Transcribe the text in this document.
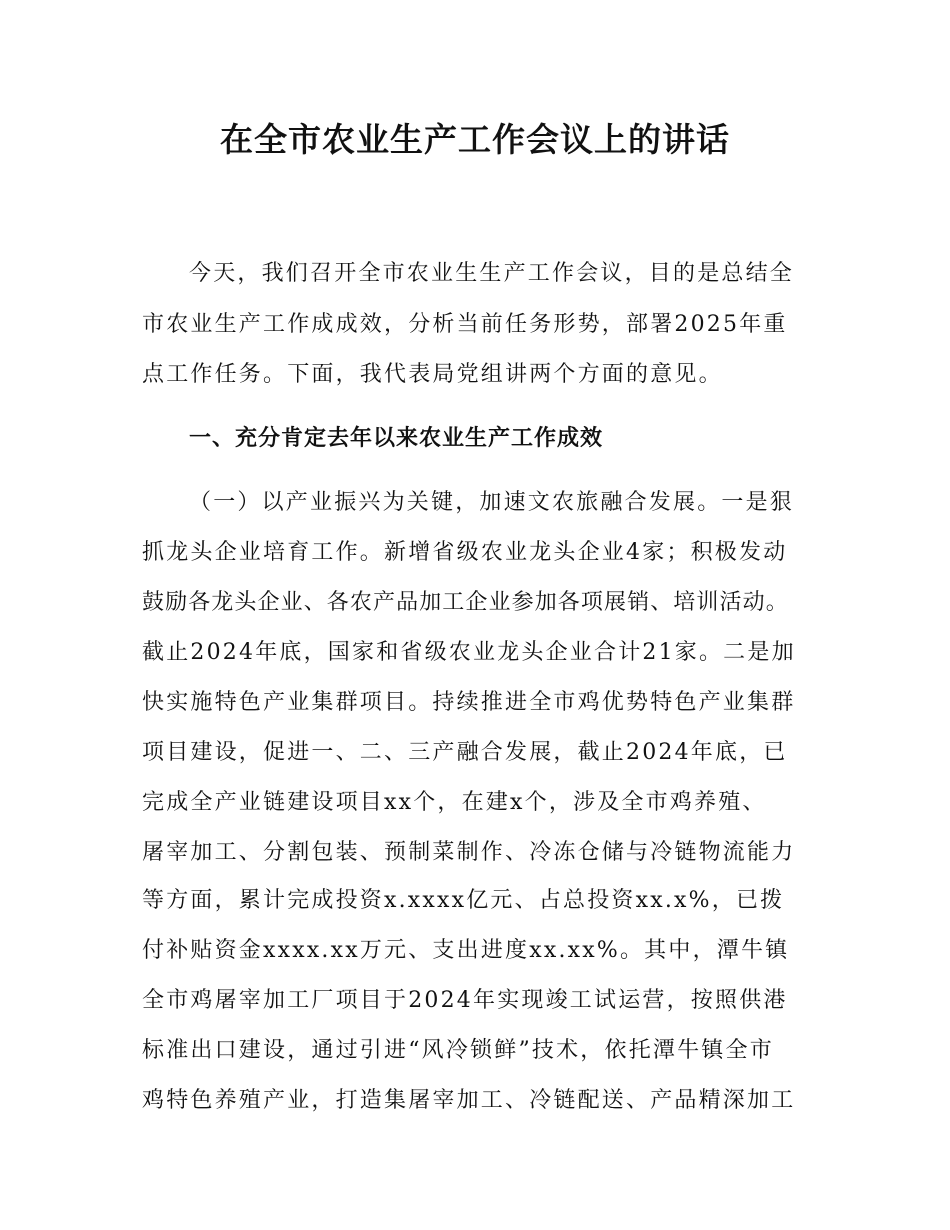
在全市农业生产工作会议上的讲话

今天，我们召开全市农业生生产工作会议，目的是总结全

市农业生产工作成成效，分析当前任务形势，部署2025年重

点工作任务。下面，我代表局党组讲两个方面的意见。

一、充分肯定去年以来农业生产工作成效

（一）以产业振兴为关键，加速文农旅融合发展。一是狠

抓龙头企业培育工作。新增省级农业龙头企业4家；积极发动

鼓励各龙头企业、各农产品加工企业参加各项展销、培训活动。

截止2024年底，国家和省级农业龙头企业合计21家。二是加

快实施特色产业集群项目。持续推进全市鸡优势特色产业集群

项目建设，促进一、二、三产融合发展，截止2024年底，已

完成全产业链建设项目xx个，在建x个，涉及全市鸡养殖、

屠宰加工、分割包装、预制菜制作、冷冻仓储与冷链物流能力

等方面，累计完成投资x.xxxx亿元、占总投资xx.x%，已拨

付补贴资金xxxx.xx万元、支出进度xx.xx%。其中，潭牛镇

全市鸡屠宰加工厂项目于2024年实现竣工试运营，按照供港

标准出口建设，通过引进“风冷锁鲜”技术，依托潭牛镇全市

鸡特色养殖产业，打造集屠宰加工、冷链配送、产品精深加工
